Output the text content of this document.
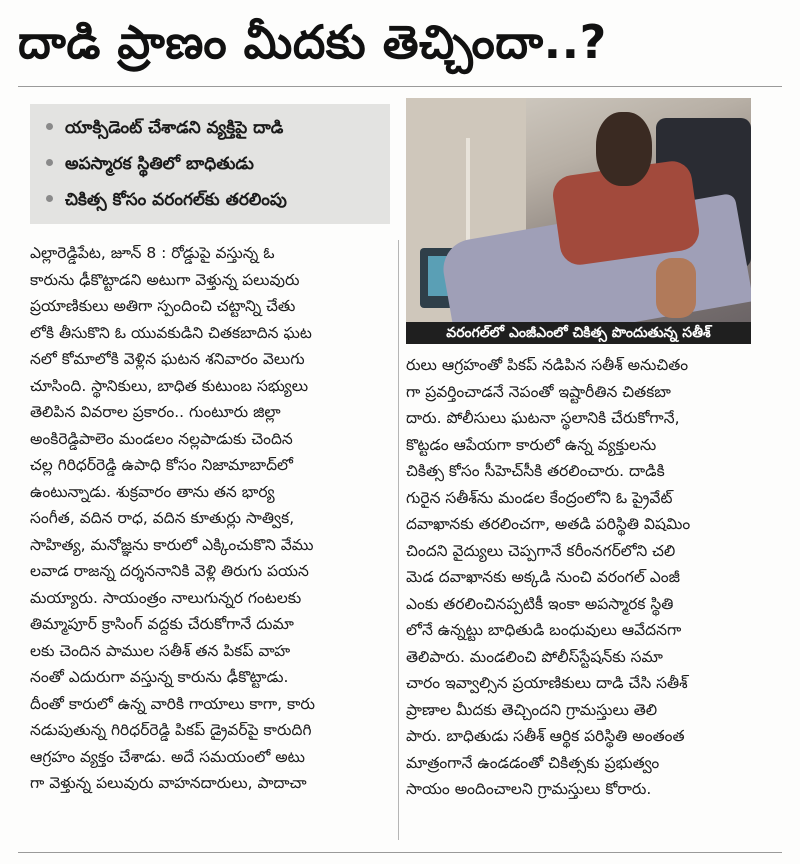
దాడి ప్రాణం మీదకు తెచ్చిందా..?
యాక్సిడెంట్ చేశాడని వ్యక్తిపై దాడి
అపస్మారక స్థితిలో బాధితుడు
చికిత్స కోసం వరంగల్‌కు తరలింపు
వరంగల్‌లో ఎంజీఎంలో చికిత్స పొందుతున్న సతీశ్
ఎల్లారెడ్డిపేట, జూన్ 8 : రోడ్డుపై వస్తున్న ఓ
కారును ఢీకొట్టాడని అటుగా వెళ్తున్న పలువురు
ప్రయాణికులు అతిగా స్పందించి చట్టాన్ని చేతు
లోకి తీసుకొని ఓ యువకుడిని చితకబాదిన ఘట
నలో కోమాలోకి వెళ్లిన ఘటన శనివారం వెలుగు
చూసింది. స్థానికులు, బాధిత కుటుంబ సభ్యులు
తెలిపిన వివరాల ప్రకారం.. గుంటూరు జిల్లా
అంకిరెడ్డిపాలెం మండలం నల్లపాడుకు చెందిన
చల్ల గిరిధర్‌రెడ్డి ఉపాధి కోసం నిజామాబాద్‌లో
ఉంటున్నాడు. శుక్రవారం తాను తన భార్య
సంగీత, వదిన రాధ, వదిన కూతుర్లు సాత్విక,
సాహిత్య, మనోజ్ఞను కారులో ఎక్కించుకొని వేము
లవాడ రాజన్న దర్శననానికి వెళ్లి తిరుగు పయన
మయ్యారు. సాయంత్రం నాలుగున్నర గంటలకు
తిమ్మాపూర్ క్రాసింగ్ వద్దకు చేరుకోగానే దుమా
లకు చెందిన పాముల సతీశ్ తన పికప్ వాహ
నంతో ఎదురుగా వస్తున్న కారును ఢీకొట్టాడు.
దీంతో కారులో ఉన్న వారికి గాయాలు కాగా, కారు
నడుపుతున్న గిరిధర్‌రెడ్డి పికప్ డ్రైవర్‌పై కారుదిగి
ఆగ్రహం వ్యక్తం చేశాడు. అదే సమయంలో అటు
గా వెళ్తున్న పలువురు వాహనదారులు, పాదాచా
రులు ఆగ్రహంతో పికప్ నడిపిన సతీశ్ అనుచితం
గా ప్రవర్తించాడనే నెపంతో ఇష్టారీతిన చితకబా
దారు. పోలీసులు ఘటనా స్థలానికి చేరుకోగానే,
కొట్టడం ఆపేయగా కారులో ఉన్న వ్యక్తులను
చికిత్స కోసం సీహెచ్‌సీకి తరలించారు. దాడికి
గురైన సతీశ్‌ను మండల కేంద్రంలోని ఓ ప్రైవేట్
దవాఖానకు తరలించగా, అతడి పరిస్థితి విషమిం
చిందని వైద్యులు చెప్పగానే కరీంనగర్‌లోని చలి
మెడ దవాఖానకు అక్కడి నుంచి వరంగల్ ఎంజీ
ఎంకు తరలించినప్పటికీ ఇంకా అపస్మారక స్థితి
లోనే ఉన్నట్టు బాధితుడి బంధువులు ఆవేదనగా
తెలిపారు. మండలించి పోలీస్‌స్టేషన్‌కు సమా
చారం ఇవ్వాల్సిన ప్రయాణికులు దాడి చేసి సతీశ్
ప్రాణాల మీదకు తెచ్చిందని గ్రామస్తులు తెలి
పారు. బాధితుడు సతీశ్ ఆర్థిక పరిస్థితి అంతంత
మాత్రంగానే ఉండడంతో చికిత్సకు ప్రభుత్వం
సాయం అందించాలని గ్రామస్తులు కోరారు.
